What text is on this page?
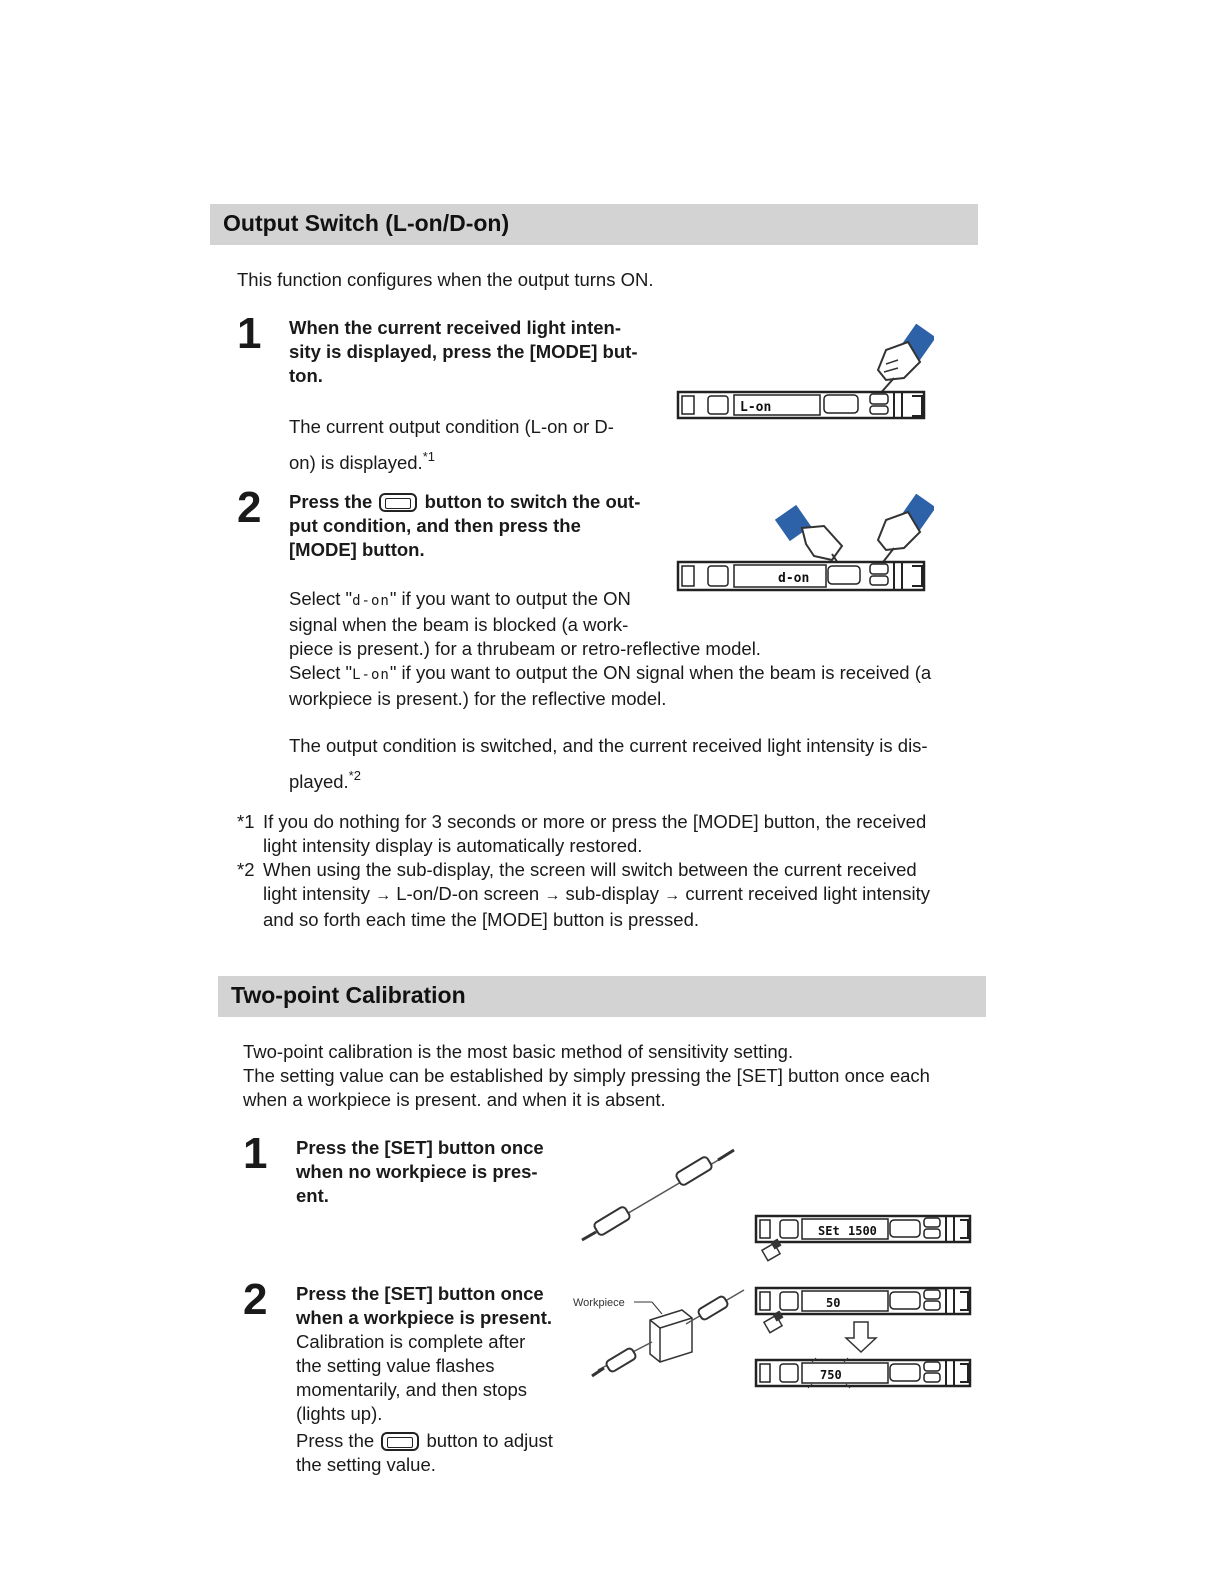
Output Switch (L-on/D-on)
This function configures when the output turns ON.
1 When the current received light inten-
sity is displayed, press the [MODE] but-
ton.
The current output condition (L-on or D-
on) is displayed.$^{*1}$
L-on
2 Press the	button to switch the out-
put condition, and then press the
[MODE] button.
d-on
Select "d-on" if you want to output the ON
signal when the beam is blocked (a work-
piece is present.) for a thrubeam or retro-reflective model.
Select "L-on" if you want to output the ON signal when the beam is received (a
workpiece is present.) for the reflective model.
The output condition is switched, and the current received light intensity is dis-
played.$^{*2}$
*1 If you do nothing for 3 seconds or more or press the [MODE] button, the received
light intensity display is automatically restored.
*2 When using the sub-display, the screen will switch between the current received
light intensity → L-on/D-on screen → sub-display → current received light intensity
and so forth each time the [MODE] button is pressed.
Two-point Calibration
Two-point calibration is the most basic method of sensitivity setting.
The setting value can be established by simply pressing the [SET] button once each
when a workpiece is present. and when it is absent.
1 Press the [SET] button once
when no workpiece is pres-
ent.
SEt 1500
2 Press the [SET] button once
when a workpiece is present.
Calibration is complete after
the setting value flashes
momentarily, and then stops
(lights up).
Press the	button to adjust
the setting value.
Workpiece	50
750
